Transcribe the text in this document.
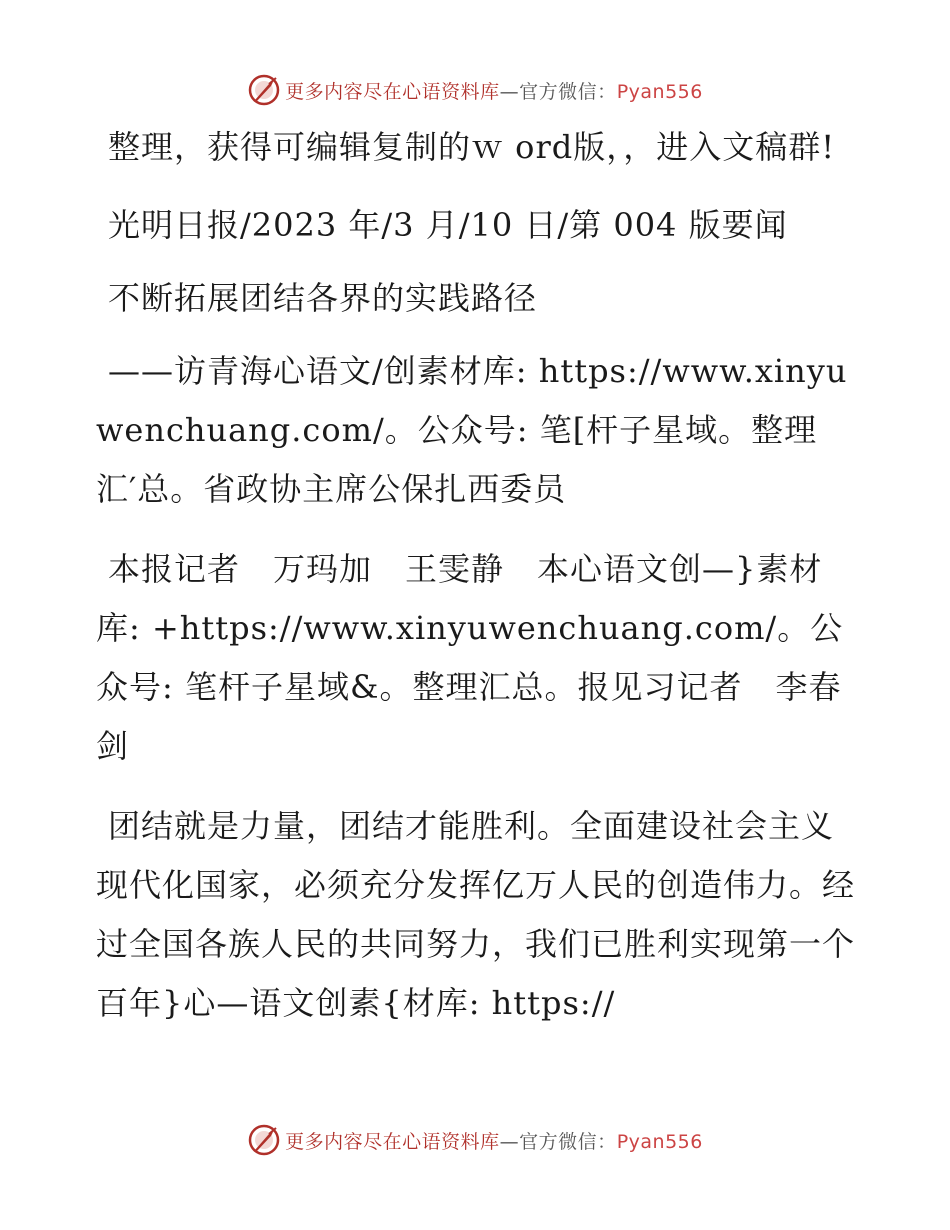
更多内容尽在心语资料库—官方微信：Pyan556

整理，获得可编辑复制的ｗ ord版，，进入文稿群!

光明日报/2023 年/3 月/10 日/第 004 版要闻

不断拓展团结各界的实践路径

——访青海心语文/创素材库: https://www.xinyuwenchuang.com/。公众号: 笔[杆子星域。整理汇′总。省政协主席公保扎西委员

本报记者　万玛加　王雯静　本心语文创—}素材库: +https://www.xinyuwenchuang.com/。公众号: 笔杆子星域&。整理汇总。报见习记者　李春剑

团结就是力量，团结才能胜利。全面建设社会主义现代化国家，必须充分发挥亿万人民的创造伟力。经过全国各族人民的共同努力，我们已胜利实现第一个百年}心—语文创素{材库: https://

更多内容尽在心语资料库—官方微信：Pyan556
